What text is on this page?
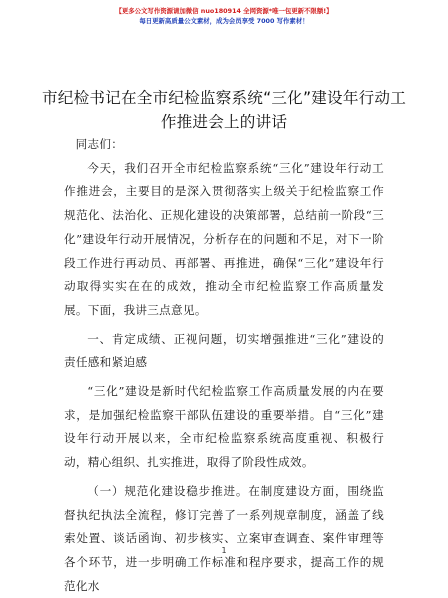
【更多公文写作资源请加微信 nuo180914 全网资源*唯一包更新不限额!】
每日更新高质量公文素材，成为会员享受 7000 写作素材！
市纪检书记在全市纪检监察系统“三化”建设年行动工作推进会上的讲话

同志们：

今天，我们召开全市纪检监察系统“三化”建设年行动工作推进会，主要目的是深入贯彻落实上级关于纪检监察工作规范化、法治化、正规化建设的决策部署，总结前一阶段“三化”建设年行动开展情况，分析存在的问题和不足，对下一阶段工作进行再动员、再部署、再推进，确保“三化”建设年行动取得实实在在的成效，推动全市纪检监察工作高质量发展。下面，我讲三点意见。

一、肯定成绩、正视问题，切实增强推进“三化”建设的责任感和紧迫感

“三化”建设是新时代纪检监察工作高质量发展的内在要求，是加强纪检监察干部队伍建设的重要举措。自“三化”建设年行动开展以来，全市纪检监察系统高度重视、积极行动，精心组织、扎实推进，取得了阶段性成效。

（一）规范化建设稳步推进。在制度建设方面，围绕监督执纪执法全流程，修订完善了一系列规章制度，涵盖了线索处置、谈话函询、初步核实、立案审查调查、案件审理等各个环节，进一步明确工作标准和程序要求，提高工作的规范化水

1
